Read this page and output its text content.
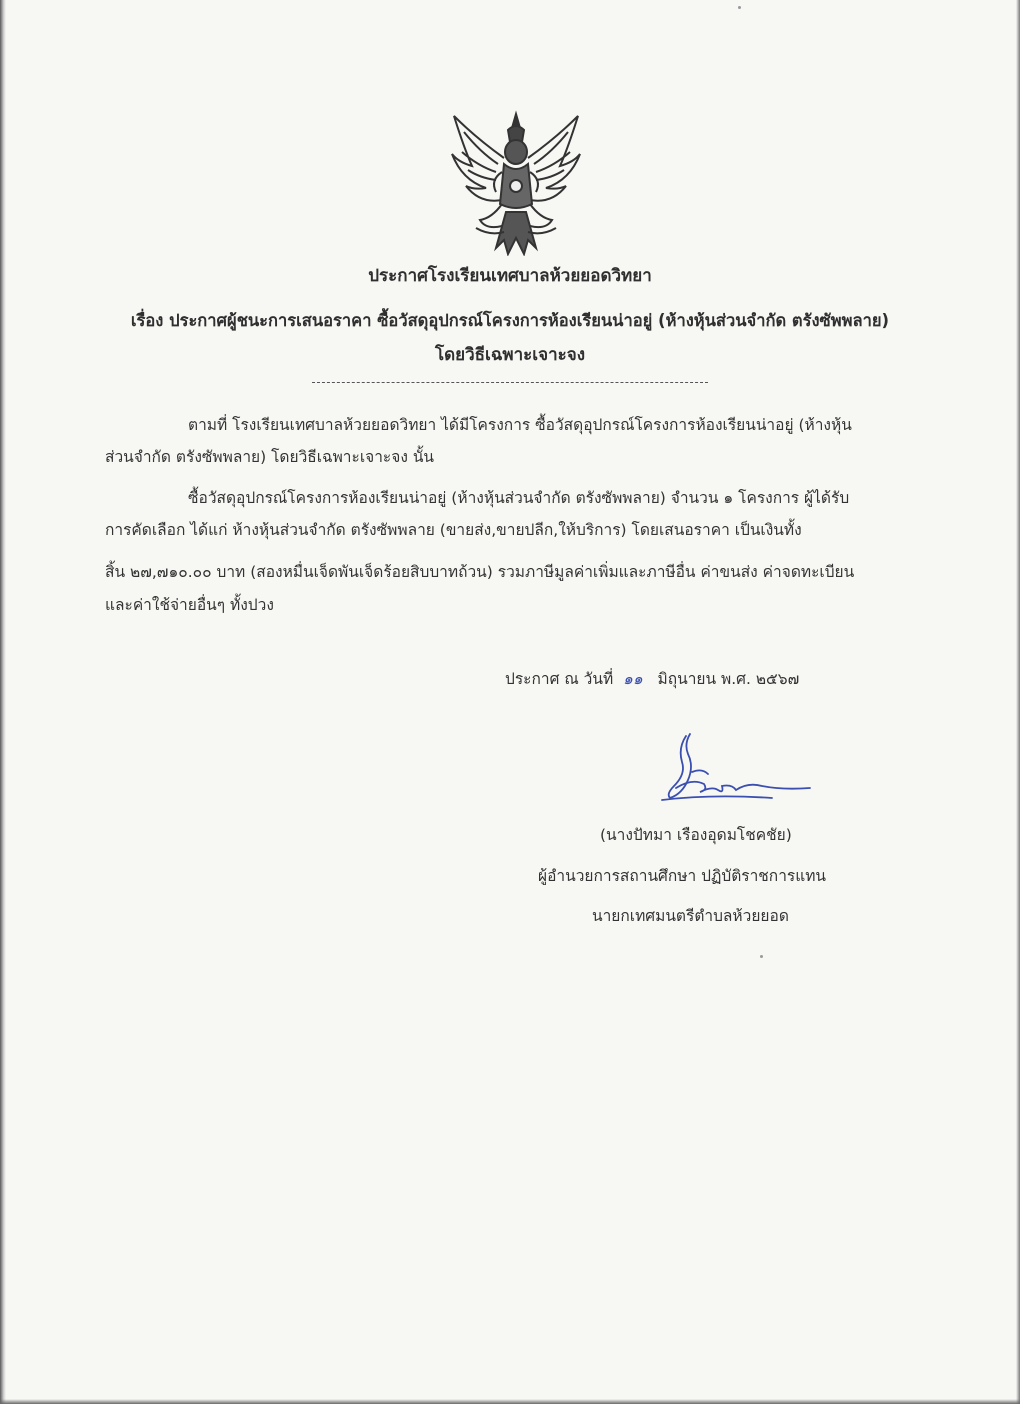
ประกาศโรงเรียนเทศบาลห้วยยอดวิทยา
เรื่อง ประกาศผู้ชนะการเสนอราคา ซื้อวัสดุอุปกรณ์โครงการห้องเรียนน่าอยู่ (ห้างหุ้นส่วนจำกัด ตรังซัพพลาย)
โดยวิธีเฉพาะเจาะจง
ตามที่ โรงเรียนเทศบาลห้วยยอดวิทยา ได้มีโครงการ ซื้อวัสดุอุปกรณ์โครงการห้องเรียนน่าอยู่ (ห้างหุ้น
ส่วนจำกัด ตรังซัพพลาย) โดยวิธีเฉพาะเจาะจง นั้น
ซื้อวัสดุอุปกรณ์โครงการห้องเรียนน่าอยู่ (ห้างหุ้นส่วนจำกัด ตรังซัพพลาย) จำนวน ๑ โครงการ ผู้ได้รับ
การคัดเลือก ได้แก่ ห้างหุ้นส่วนจำกัด ตรังซัพพลาย (ขายส่ง,ขายปลีก,ให้บริการ) โดยเสนอราคา เป็นเงินทั้ง
สิ้น ๒๗,๗๑๐.๐๐ บาท (สองหมื่นเจ็ดพันเจ็ดร้อยสิบบาทถ้วน) รวมภาษีมูลค่าเพิ่มและภาษีอื่น ค่าขนส่ง ค่าจดทะเบียน
และค่าใช้จ่ายอื่นๆ ทั้งปวง
ประกาศ ณ วันที่ ๑๑ มิถุนายน พ.ศ. ๒๕๖๗
(นางปัทมา เรืองอุดมโชคชัย)
ผู้อำนวยการสถานศึกษา ปฏิบัติราชการแทน
นายกเทศมนตรีตำบลห้วยยอด
